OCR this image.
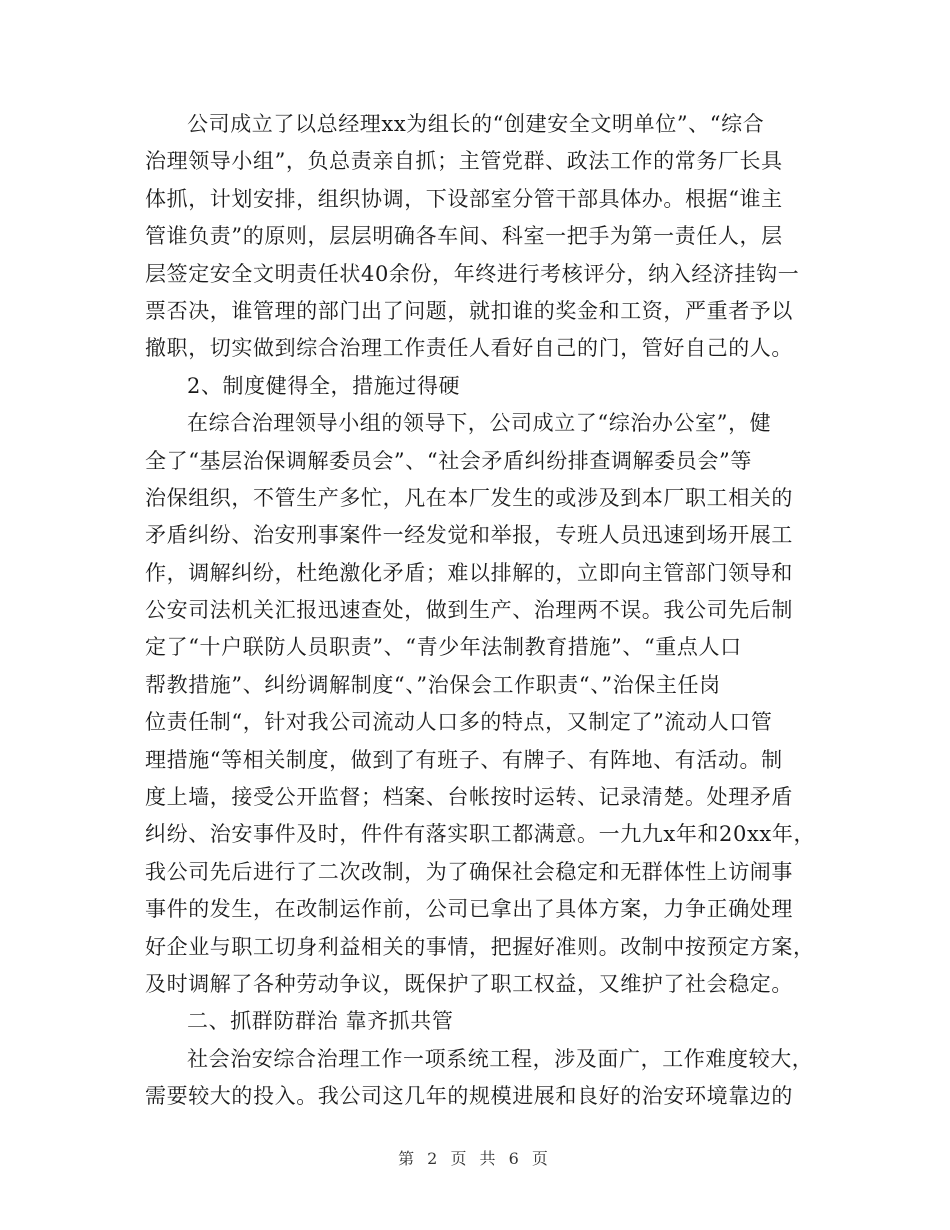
公司成立了以总经理xx为组长的“创建安全文明单位”、“综合
治理领导小组”，负总责亲自抓；主管党群、政法工作的常务厂长具
体抓，计划安排，组织协调，下设部室分管干部具体办。根据“谁主
管谁负责”的原则，层层明确各车间、科室一把手为第一责任人，层
层签定安全文明责任状40余份，年终进行考核评分，纳入经济挂钩一
票否决，谁管理的部门出了问题，就扣谁的奖金和工资，严重者予以
撤职，切实做到综合治理工作责任人看好自己的门，管好自己的人。
2、制度健得全，措施过得硬
在综合治理领导小组的领导下，公司成立了“综治办公室”，健
全了“基层治保调解委员会”、“社会矛盾纠纷排查调解委员会”等
治保组织，不管生产多忙，凡在本厂发生的或涉及到本厂职工相关的
矛盾纠纷、治安刑事案件一经发觉和举报，专班人员迅速到场开展工
作，调解纠纷，杜绝激化矛盾；难以排解的，立即向主管部门领导和
公安司法机关汇报迅速查处，做到生产、治理两不误。我公司先后制
定了“十户联防人员职责”、“青少年法制教育措施”、“重点人口
帮教措施”、纠纷调解制度“、”治保会工作职责“、”治保主任岗
位责任制“，针对我公司流动人口多的特点，又制定了”流动人口管
理措施“等相关制度，做到了有班子、有牌子、有阵地、有活动。制
度上墙，接受公开监督；档案、台帐按时运转、记录清楚。处理矛盾
纠纷、治安事件及时，件件有落实职工都满意。一九九x年和20xx年，
我公司先后进行了二次改制，为了确保社会稳定和无群体性上访闹事
事件的发生，在改制运作前，公司已拿出了具体方案，力争正确处理
好企业与职工切身利益相关的事情，把握好准则。改制中按预定方案，
及时调解了各种劳动争议，既保护了职工权益，又维护了社会稳定。
二、抓群防群治 靠齐抓共管
社会治安综合治理工作一项系统工程，涉及面广，工作难度较大，
需要较大的投入。我公司这几年的规模进展和良好的治安环境靠边的
第 2 页 共 6 页
